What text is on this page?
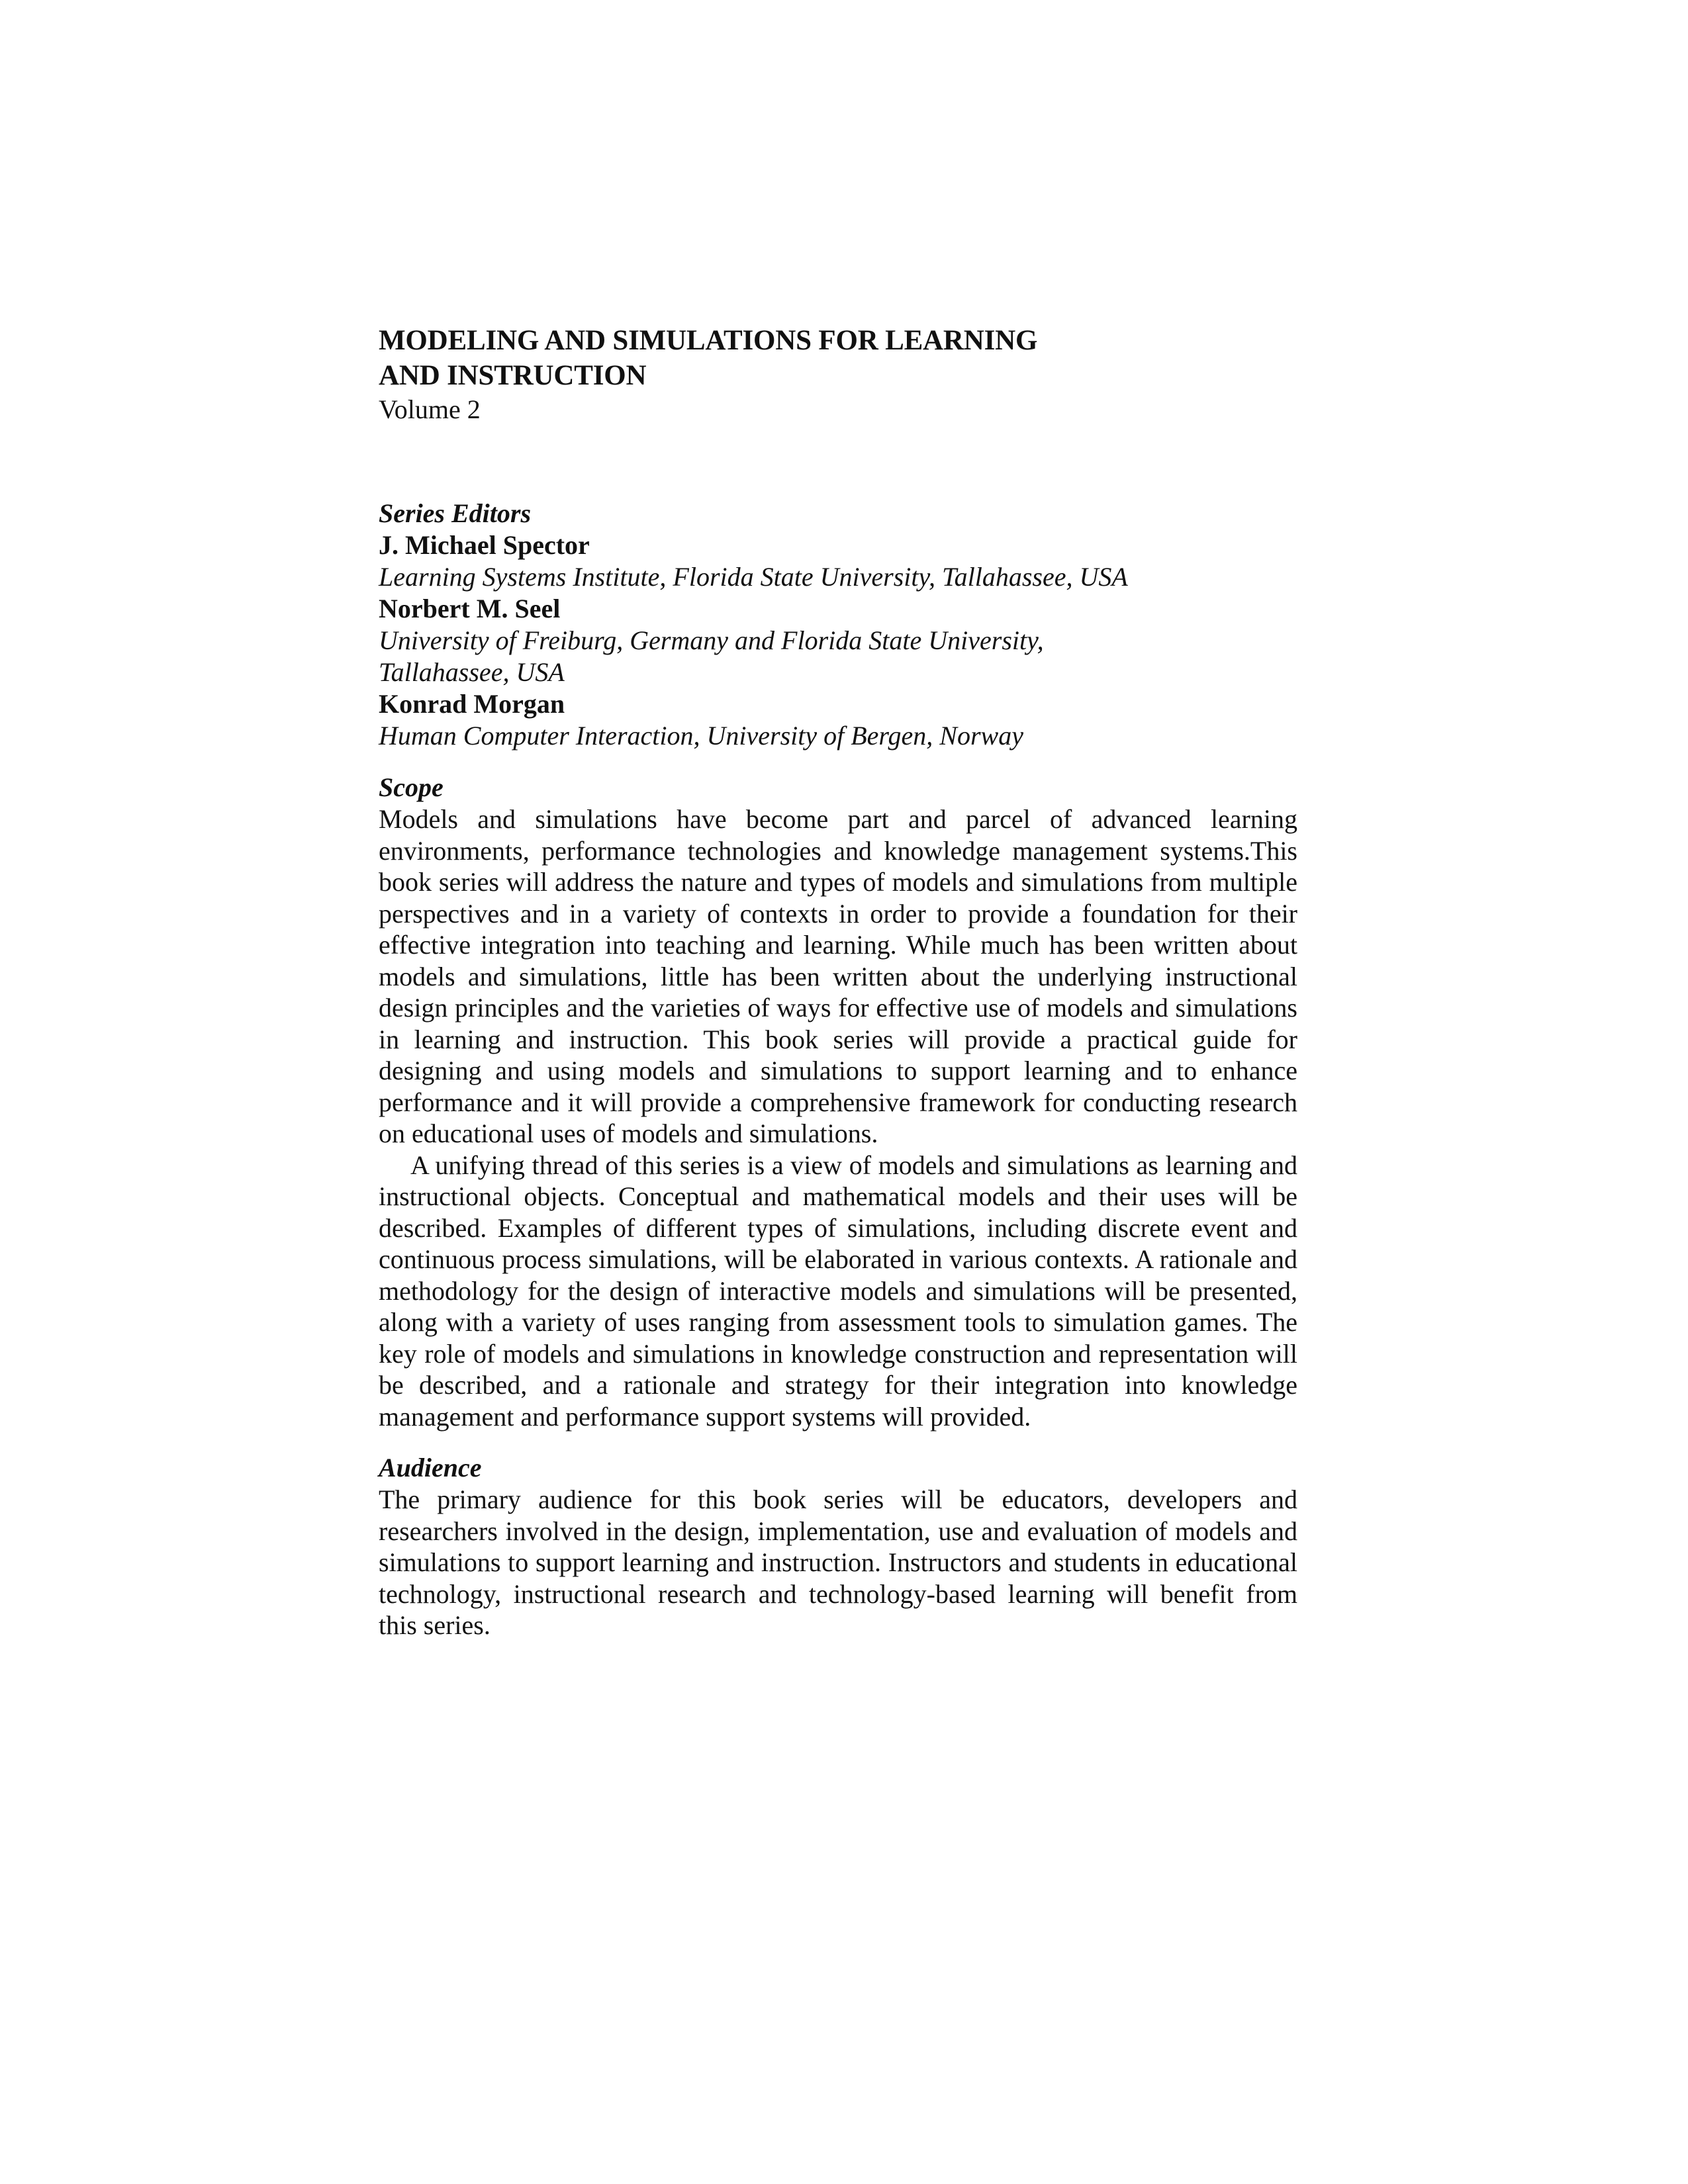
MODELING AND SIMULATIONS FOR LEARNING
AND INSTRUCTION
Volume 2
Series Editors
J. Michael Spector
Learning Systems Institute, Florida State University, Tallahassee, USA
Norbert M. Seel
University of Freiburg, Germany and Florida State University, Tallahassee, USA
Konrad Morgan
Human Computer Interaction, University of Bergen, Norway
Scope

Models and simulations have become part and parcel of advanced learning environments, performance technologies and knowledge management systems.This book series will address the nature and types of models and simulations from multiple perspectives and in a variety of contexts in order to provide a foundation for their effective integration into teaching and learning. While much has been written about models and simulations, little has been written about the underlying instructional design principles and the varieties of ways for effective use of models and simulations in learning and instruction. This book series will provide a practical guide for designing and using models and simulations to support learning and to enhance performance and it will provide a comprehensive framework for conducting research on educational uses of models and simulations.

A unifying thread of this series is a view of models and simulations as learning and instructional objects. Conceptual and mathematical models and their uses will be described. Examples of different types of simulations, including discrete event and continuous process simulations, will be elaborated in various contexts. A rationale and methodology for the design of interactive models and simulations will be presented, along with a variety of uses ranging from assessment tools to simulation games. The key role of models and simulations in knowledge construction and representation will be described, and a rationale and strategy for their integration into knowledge management and performance support systems will provided.

Audience

The primary audience for this book series will be educators, developers and researchers involved in the design, implementation, use and evaluation of models and simulations to support learning and instruction. Instructors and students in educational technology, instructional research and technology-based learning will benefit from this series.
